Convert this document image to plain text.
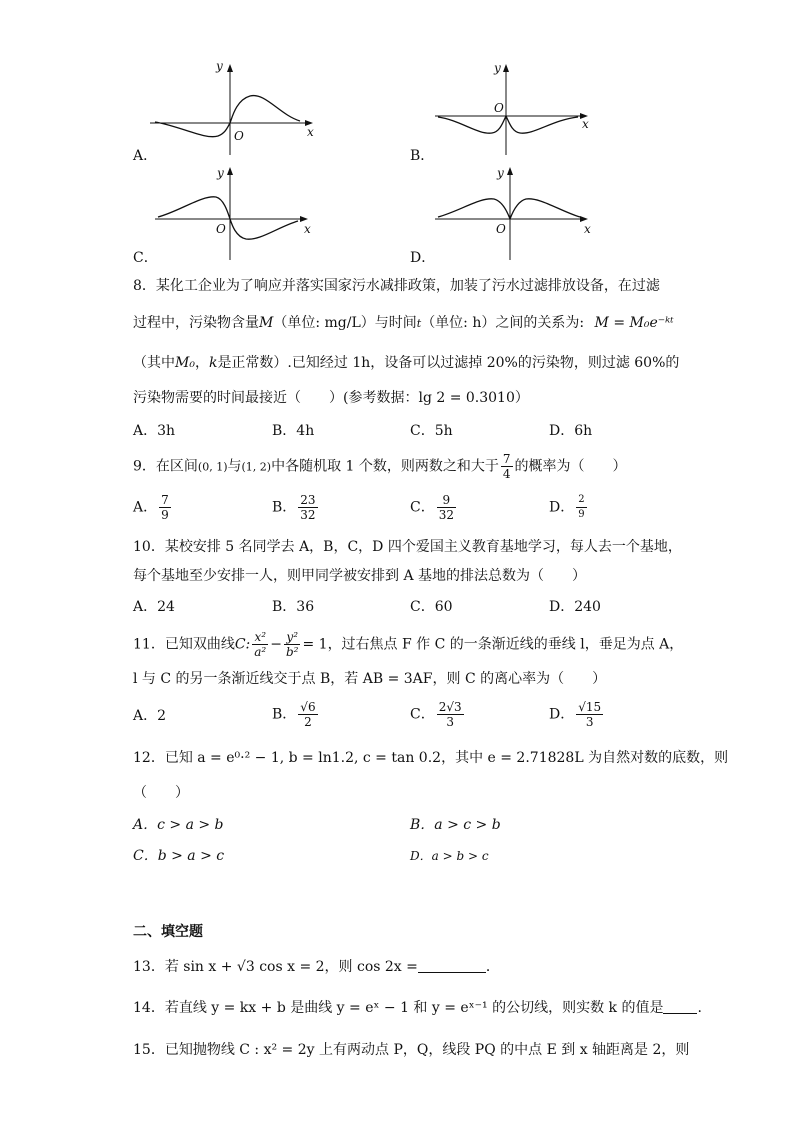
y
O	x
A．
y
O
x
B．
y
O	x
C．
y
O	x
D．
8．某化工企业为了响应并落实国家污水减排政策，加装了污水过滤排放设备，在过滤
过程中，污染物含量M（单位: mg/L）与时间t（单位: h）之间的关系为: M = M₀e⁻ᵏᵗ
（其中M₀，k是正常数）.已知经过 1h，设备可以过滤掉 20%的污染物，则过滤 60%的
污染物需要的时间最接近（　　）(参考数据：lg 2 = 0.3010）
A．3h	B．4h	C．5h	D．6h
9．在区间(0, 1)与(1, 2)中各随机取 1 个数，则两数之和大于 $\frac{7}{4}$ 的概率为（　　）
A． $\frac{7}{9}$	B． $\frac{23}{32}$	C． $\frac{9}{32}$	D． $\frac{2}{9}$
10．某校安排 5 名同学去 A，B，C，D 四个爱国主义教育基地学习，每人去一个基地，
每个基地至少安排一人，则甲同学被安排到 A 基地的排法总数为（　　）
A．24	B．36	C．60	D．240
11．已知双曲线C: $\frac{\text{x²}}{\text{a²}} - \frac{\text{y²}}{\text{b²}} = 1$，过右焦点 F 作 C 的一条渐近线的垂线 l，垂足为点 A，
l 与 C 的另一条渐近线交于点 B，若 AB = 3AF，则 C 的离心率为（　　）
A．2	B． $\frac{√6}{2}$	C． $\frac{2√3}{3}$	D． $\frac{√15}{3}$
12．已知 a = e⁰·² − 1, b = ln1.2, c = tan 0.2，其中 e = 2.71828L 为自然对数的底数，则
（　　）
A．c > a > b	B．a > c > b
C．b > a > c	D．a > b > c
二、填空题
13．若 sin x + √3 cos x = 2，则 cos 2x =	．
14．若直线 y = kx + b 是曲线 y = eˣ − 1 和 y = eˣ⁻¹ 的公切线，则实数 k 的值是 .
15．已知抛物线 C : x² = 2y 上有两动点 P，Q，线段 PQ 的中点 E 到 x 轴距离是 2，则
